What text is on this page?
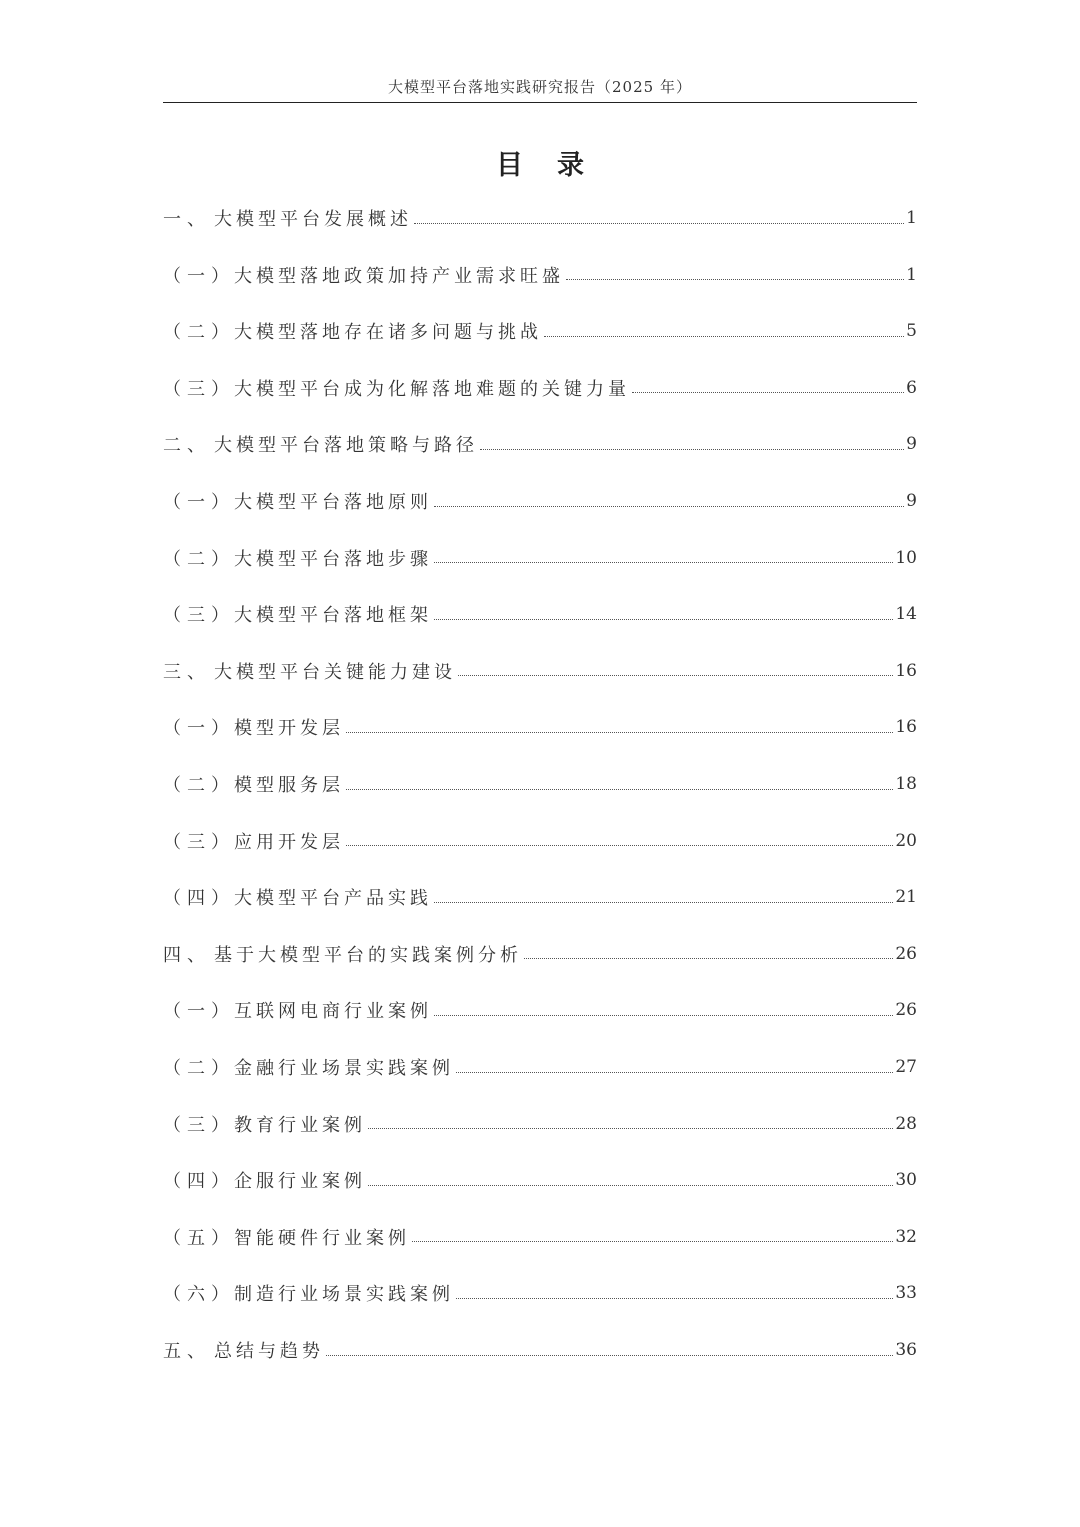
大模型平台落地实践研究报告（2025 年）
目录
一、 大模型平台发展概述	1
（一） 大模型落地政策加持产业需求旺盛	1
（二） 大模型落地存在诸多问题与挑战	5
（三） 大模型平台成为化解落地难题的关键力量	6
二、 大模型平台落地策略与路径	9
（一） 大模型平台落地原则	9
（二） 大模型平台落地步骤	10
（三） 大模型平台落地框架	14
三、 大模型平台关键能力建设	16
（一） 模型开发层	16
（二） 模型服务层	18
（三） 应用开发层	20
（四） 大模型平台产品实践	21
四、 基于大模型平台的实践案例分析	26
（一） 互联网电商行业案例	26
（二） 金融行业场景实践案例	27
（三） 教育行业案例	28
（四） 企服行业案例	30
（五） 智能硬件行业案例	32
（六） 制造行业场景实践案例	33
五、 总结与趋势	36
